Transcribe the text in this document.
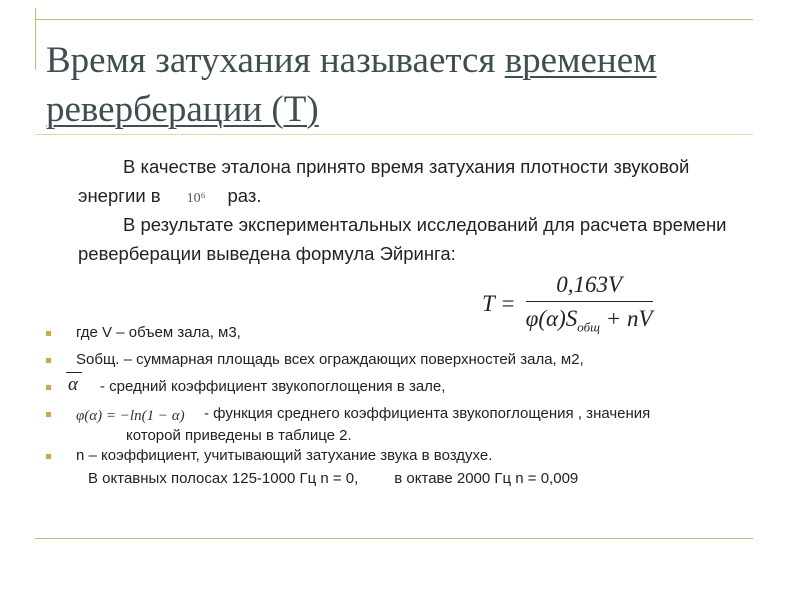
Время затухания называется временем реверберации (Т)
В качестве эталона принято время затухания плотности звуковой энергии в 10⁶ раз.
В результате экспериментальных исследований для расчета времени реверберации выведена формула Эйринга:
$T = \frac{0,163V}{\varphi(\alpha)S_{общ} + nV}$
где V – объем зала, м3,
Sобщ. – суммарная площадь всех ограждающих поверхностей зала, м2,
α - средний коэффициент звукопоглощения в зале,
φ(α) = −ln(1 − α) - функция среднего коэффициента звукопоглощения , значения
которой приведены в таблице 2.
n – коэффициент, учитывающий затухание звука в воздухе.
В октавных полосах 125-1000 Гц n = 0, в октаве 2000 Гц n = 0,009
